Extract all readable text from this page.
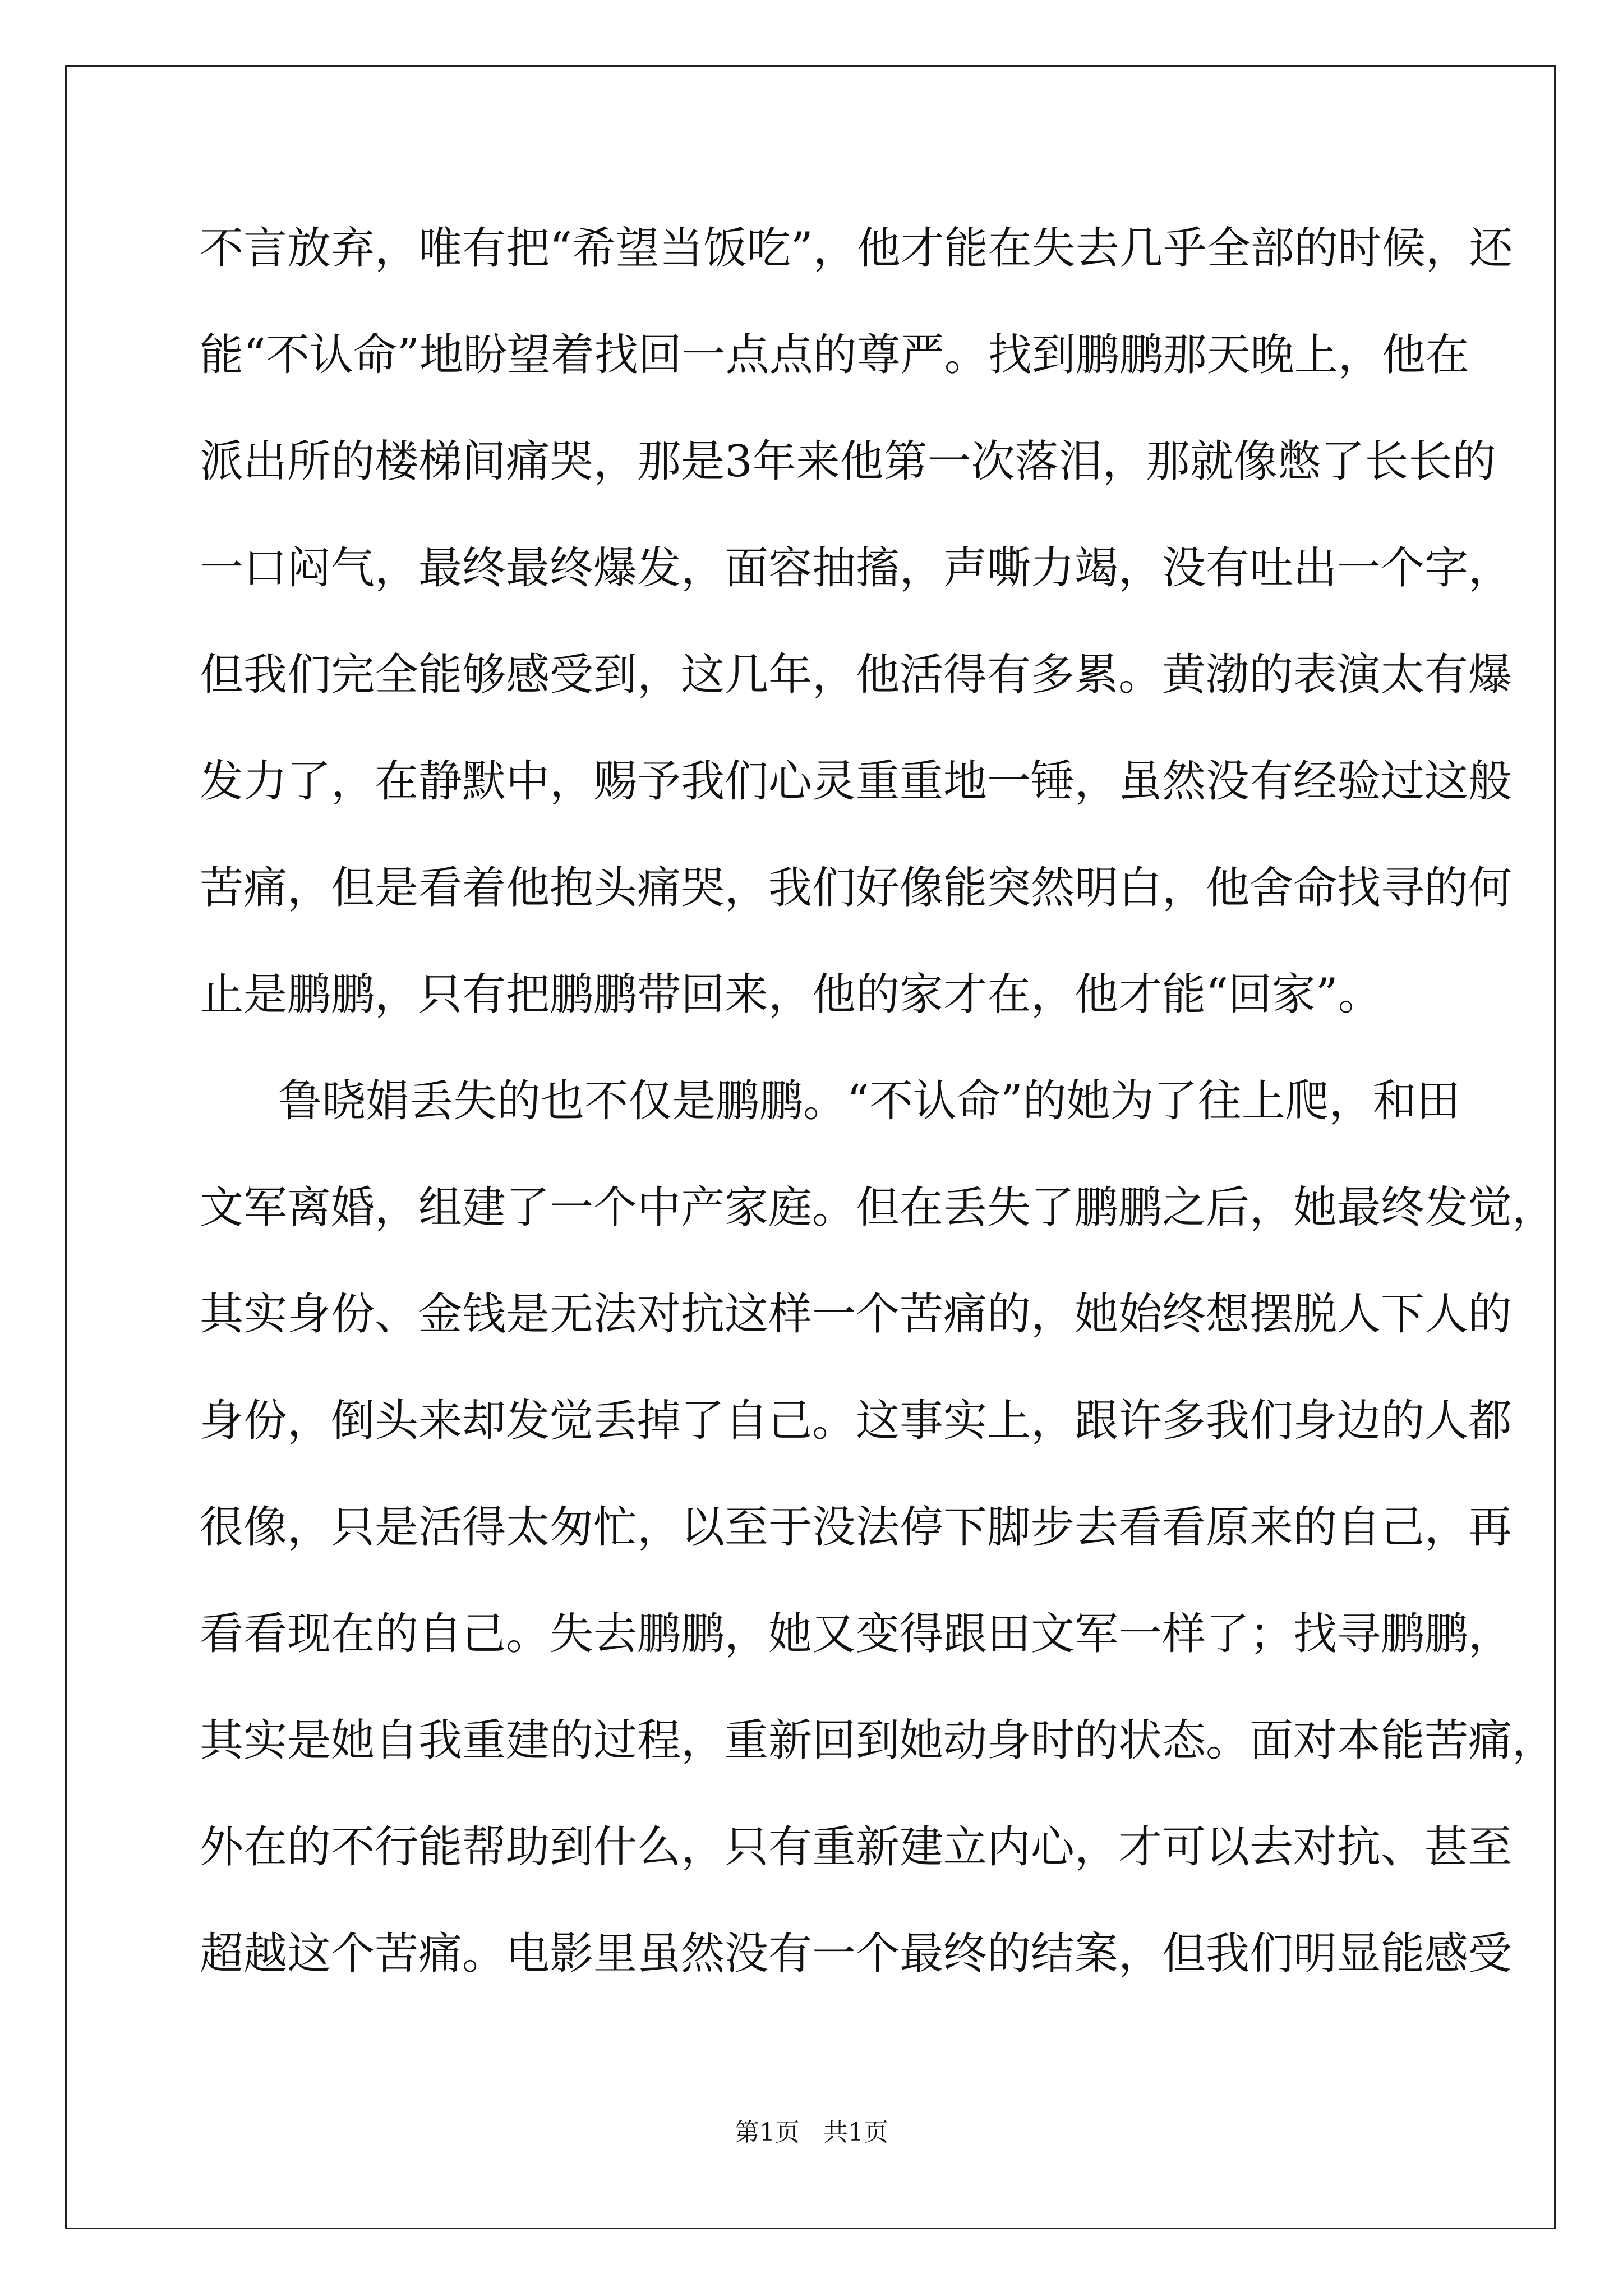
不言放弃，唯有把“希望当饭吃”，他才能在失去几乎全部的时候，还

能“不认命”地盼望着找回一点点的尊严。找到鹏鹏那天晚上，他在

派出所的楼梯间痛哭，那是3年来他第一次落泪，那就像憋了长长的

一口闷气，最终最终爆发，面容抽搐，声嘶力竭，没有吐出一个字，

但我们完全能够感受到，这几年，他活得有多累。黄渤的表演太有爆

发力了，在静默中，赐予我们心灵重重地一锤，虽然没有经验过这般

苦痛，但是看着他抱头痛哭，我们好像能突然明白，他舍命找寻的何

止是鹏鹏，只有把鹏鹏带回来，他的家才在，他才能“回家”。

鲁晓娟丢失的也不仅是鹏鹏。“不认命”的她为了往上爬，和田

文军离婚，组建了一个中产家庭。但在丢失了鹏鹏之后，她最终发觉，

其实身份、金钱是无法对抗这样一个苦痛的，她始终想摆脱人下人的

身份，倒头来却发觉丢掉了自己。这事实上，跟许多我们身边的人都

很像，只是活得太匆忙，以至于没法停下脚步去看看原来的自己，再

看看现在的自己。失去鹏鹏，她又变得跟田文军一样了；找寻鹏鹏，

其实是她自我重建的过程，重新回到她动身时的状态。面对本能苦痛，

外在的不行能帮助到什么，只有重新建立内心，才可以去对抗、甚至

超越这个苦痛。电影里虽然没有一个最终的结案，但我们明显能感受

第1页   共1页
